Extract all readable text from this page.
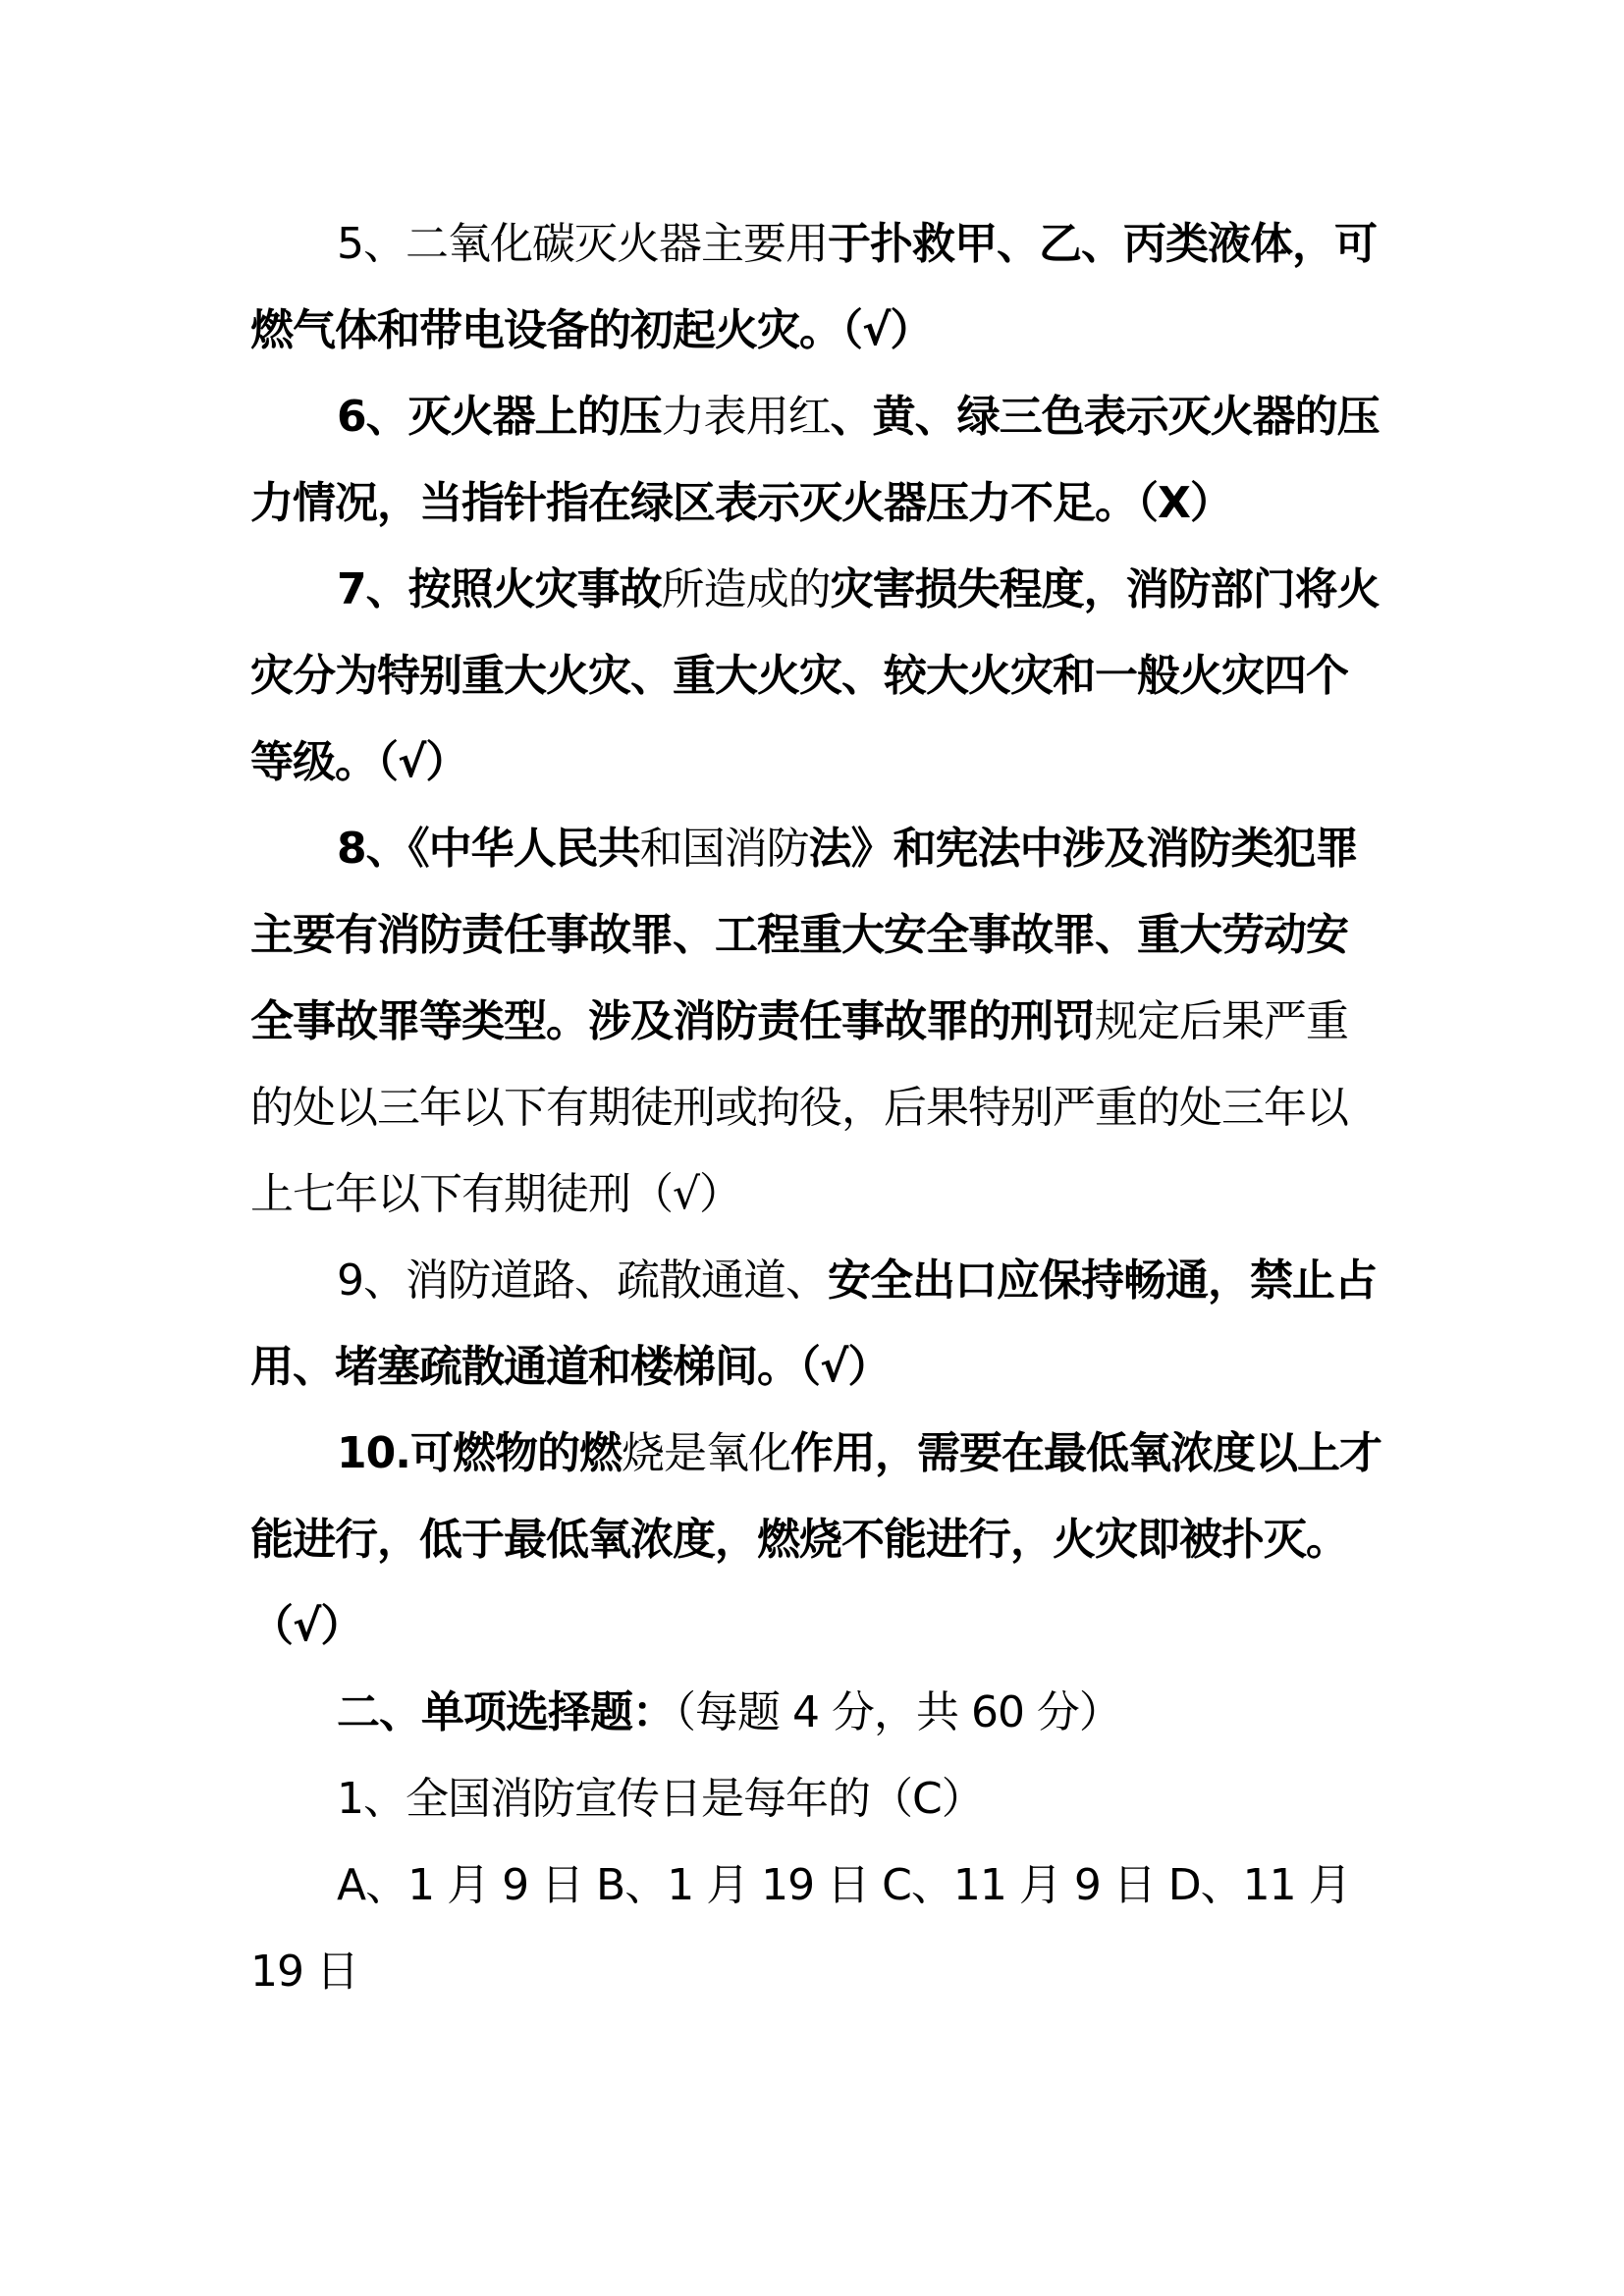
5、二氧化碳灭火器主要用于扑救甲、乙、丙类液体，可燃气体和带电设备的初起火灾。（√）

6、灭火器上的压力表用红、黄、绿三色表示灭火器的压力情况，当指针指在绿区表示灭火器压力不足。（X）

7、按照火灾事故所造成的灾害损失程度，消防部门将火灾分为特别重大火灾、重大火灾、较大火灾和一般火灾四个等级。（√）

8、《中华人民共和国消防法》和宪法中涉及消防类犯罪主要有消防责任事故罪、工程重大安全事故罪、重大劳动安全事故罪等类型。涉及消防责任事故罪的刑罚规定后果严重的处以三年以下有期徒刑或拘役，后果特别严重的处三年以上七年以下有期徒刑（√）

9、消防道路、疏散通道、安全出口应保持畅通，禁止占用、堵塞疏散通道和楼梯间。（√）

10.可燃物的燃烧是氧化作用，需要在最低氧浓度以上才能进行，低于最低氧浓度，燃烧不能进行，火灾即被扑灭。（√）

二、单项选择题：（每题 4 分，共 60 分）

1、全国消防宣传日是每年的（C）

A、1 月 9 日 B、1 月 19 日 C、11 月 9 日 D、11 月 19 日
